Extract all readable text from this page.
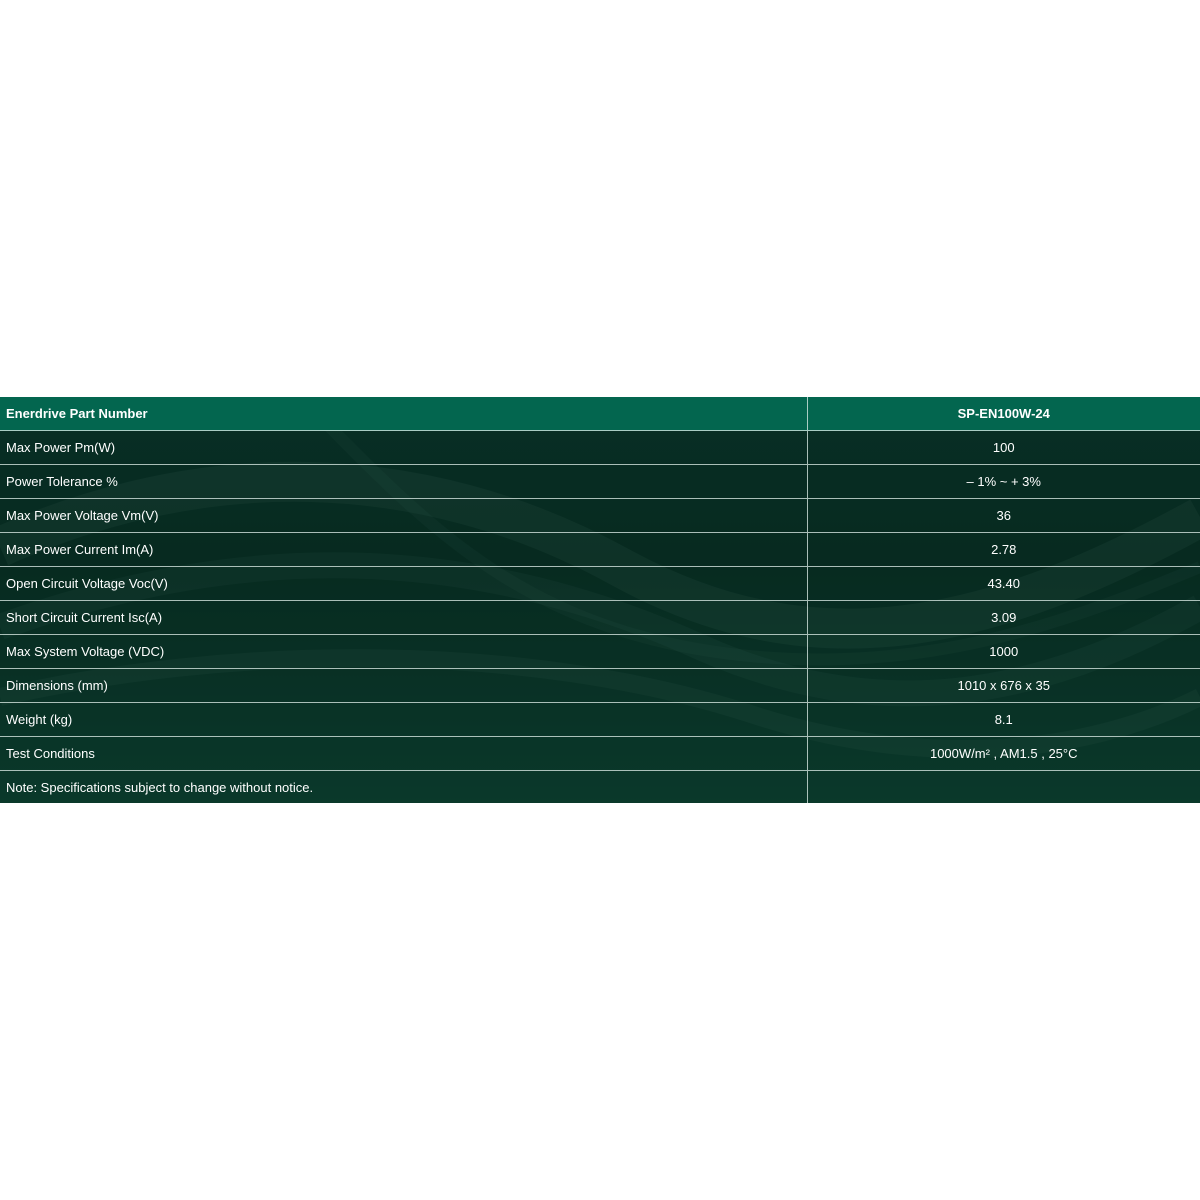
Enerdrive Part Number	SP-EN100W-24
Max Power Pm(W)	100
Power Tolerance %	– 1% ~ + 3%
Max Power Voltage Vm(V)	36
Max Power Current Im(A)	2.78
Open Circuit Voltage Voc(V)	43.40
Short Circuit Current Isc(A)	3.09
Max System Voltage (VDC)	1000
Dimensions (mm)	1010 x 676 x 35
Weight (kg)	8.1
Test Conditions	1000W/m² , AM1.5 , 25°C
Note: Specifications subject to change without notice.	
